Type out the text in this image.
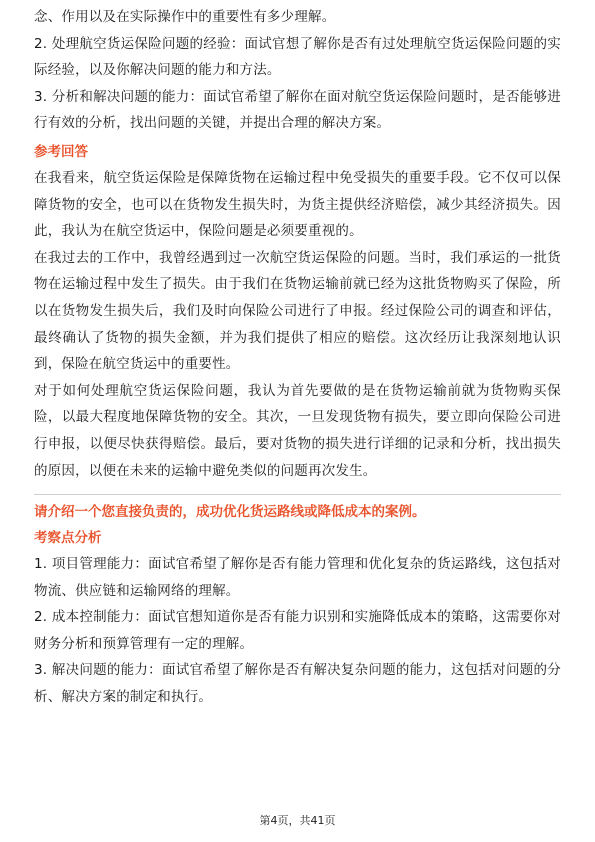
念、作用以及在实际操作中的重要性有多少理解。

2. 处理航空货运保险问题的经验：面试官想了解你是否有过处理航空货运保险问题的实际经验，以及你解决问题的能力和方法。

3. 分析和解决问题的能力：面试官希望了解你在面对航空货运保险问题时，是否能够进行有效的分析，找出问题的关键，并提出合理的解决方案。

参考回答

在我看来，航空货运保险是保障货物在运输过程中免受损失的重要手段。它不仅可以保障货物的安全，也可以在货物发生损失时，为货主提供经济赔偿，减少其经济损失。因此，我认为在航空货运中，保险问题是必须要重视的。

在我过去的工作中，我曾经遇到过一次航空货运保险的问题。当时，我们承运的一批货物在运输过程中发生了损失。由于我们在货物运输前就已经为这批货物购买了保险，所以在货物发生损失后，我们及时向保险公司进行了申报。经过保险公司的调查和评估，最终确认了货物的损失金额，并为我们提供了相应的赔偿。这次经历让我深刻地认识到，保险在航空货运中的重要性。

对于如何处理航空货运保险问题，我认为首先要做的是在货物运输前就为货物购买保险，以最大程度地保障货物的安全。其次，一旦发现货物有损失，要立即向保险公司进行申报，以便尽快获得赔偿。最后，要对货物的损失进行详细的记录和分析，找出损失的原因，以便在未来的运输中避免类似的问题再次发生。

请介绍一个您直接负责的，成功优化货运路线或降低成本的案例。

考察点分析

1. 项目管理能力：面试官希望了解你是否有能力管理和优化复杂的货运路线，这包括对物流、供应链和运输网络的理解。

2. 成本控制能力：面试官想知道你是否有能力识别和实施降低成本的策略，这需要你对财务分析和预算管理有一定的理解。

3. 解决问题的能力：面试官希望了解你是否有解决复杂问题的能力，这包括对问题的分析、解决方案的制定和执行。

第4页，共41页
